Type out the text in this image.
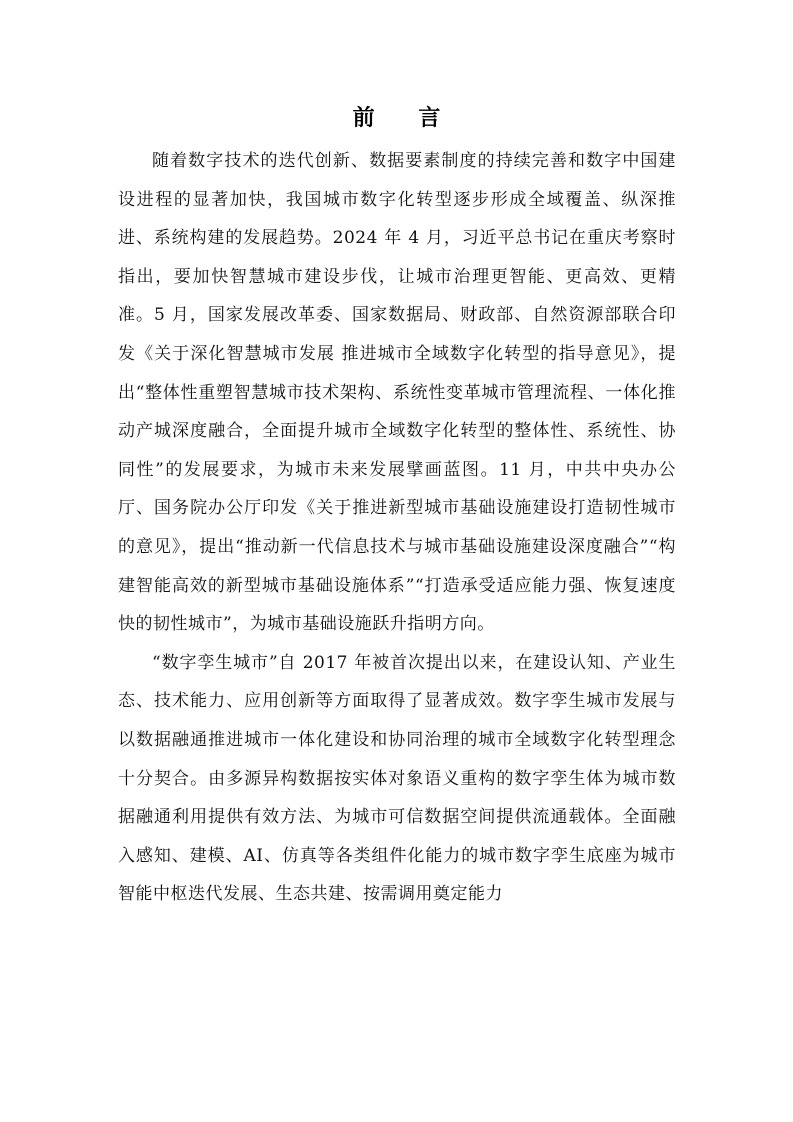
前 言

随着数字技术的迭代创新、数据要素制度的持续完善和数字中国建设进程的显著加快，我国城市数字化转型逐步形成全域覆盖、纵深推进、系统构建的发展趋势。2024 年 4 月，习近平总书记在重庆考察时指出，要加快智慧城市建设步伐，让城市治理更智能、更高效、更精准。5 月，国家发展改革委、国家数据局、财政部、自然资源部联合印发《关于深化智慧城市发展 推进城市全域数字化转型的指导意见》，提出“整体性重塑智慧城市技术架构、系统性变革城市管理流程、一体化推动产城深度融合，全面提升城市全域数字化转型的整体性、系统性、协同性”的发展要求，为城市未来发展擘画蓝图。11 月，中共中央办公厅、国务院办公厅印发《关于推进新型城市基础设施建设打造韧性城市的意见》，提出“推动新一代信息技术与城市基础设施建设深度融合”“构建智能高效的新型城市基础设施体系”“打造承受适应能力强、恢复速度快的韧性城市”，为城市基础设施跃升指明方向。

“数字孪生城市”自 2017 年被首次提出以来，在建设认知、产业生态、技术能力、应用创新等方面取得了显著成效。数字孪生城市发展与以数据融通推进城市一体化建设和协同治理的城市全域数字化转型理念十分契合。由多源异构数据按实体对象语义重构的数字孪生体为城市数据融通利用提供有效方法、为城市可信数据空间提供流通载体。全面融入感知、建模、AI、仿真等各类组件化能力的城市数字孪生底座为城市智能中枢迭代发展、生态共建、按需调用奠定能力
